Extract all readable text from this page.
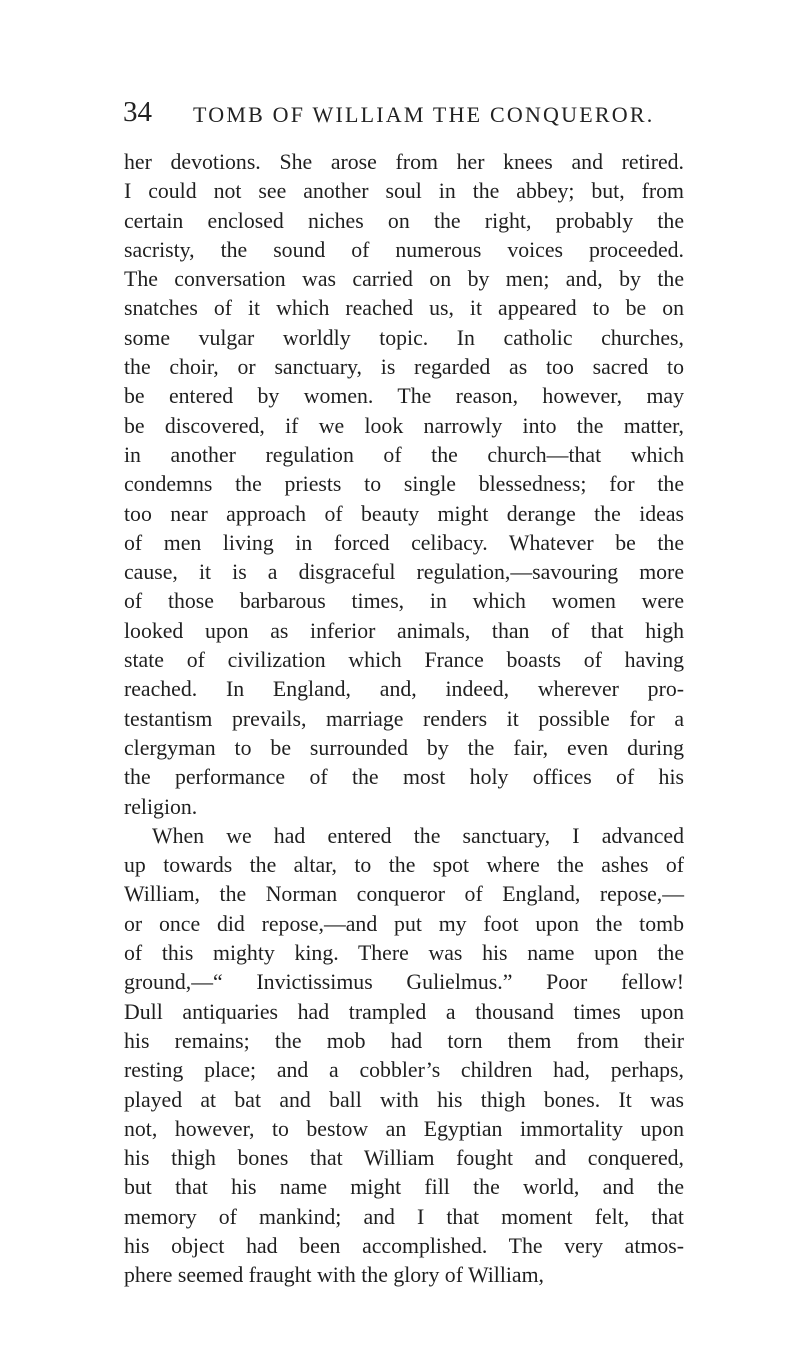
34 TOMB OF WILLIAM THE CONQUEROR.
her devotions. She arose from her knees and retired.
I could not see another soul in the abbey; but, from
certain enclosed niches on the right, probably the
sacristy, the sound of numerous voices proceeded.
The conversation was carried on by men; and, by the
snatches of it which reached us, it appeared to be on
some vulgar worldly topic. In catholic churches,
the choir, or sanctuary, is regarded as too sacred to
be entered by women. The reason, however, may
be discovered, if we look narrowly into the matter,
in another regulation of the church—that which
condemns the priests to single blessedness; for the
too near approach of beauty might derange the ideas
of men living in forced celibacy. Whatever be the
cause, it is a disgraceful regulation,—savouring more
of those barbarous times, in which women were
looked upon as inferior animals, than of that high
state of civilization which France boasts of having
reached. In England, and, indeed, wherever pro-
testantism prevails, marriage renders it possible for a
clergyman to be surrounded by the fair, even during
the performance of the most holy offices of his
religion.
When we had entered the sanctuary, I advanced
up towards the altar, to the spot where the ashes of
William, the Norman conqueror of England, repose,—
or once did repose,—and put my foot upon the tomb
of this mighty king. There was his name upon the
ground,—“ Invictissimus Gulielmus.” Poor fellow!
Dull antiquaries had trampled a thousand times upon
his remains; the mob had torn them from their
resting place; and a cobbler’s children had, perhaps,
played at bat and ball with his thigh bones. It was
not, however, to bestow an Egyptian immortality upon
his thigh bones that William fought and conquered,
but that his name might fill the world, and the
memory of mankind; and I that moment felt, that
his object had been accomplished. The very atmos-
phere seemed fraught with the glory of William,
